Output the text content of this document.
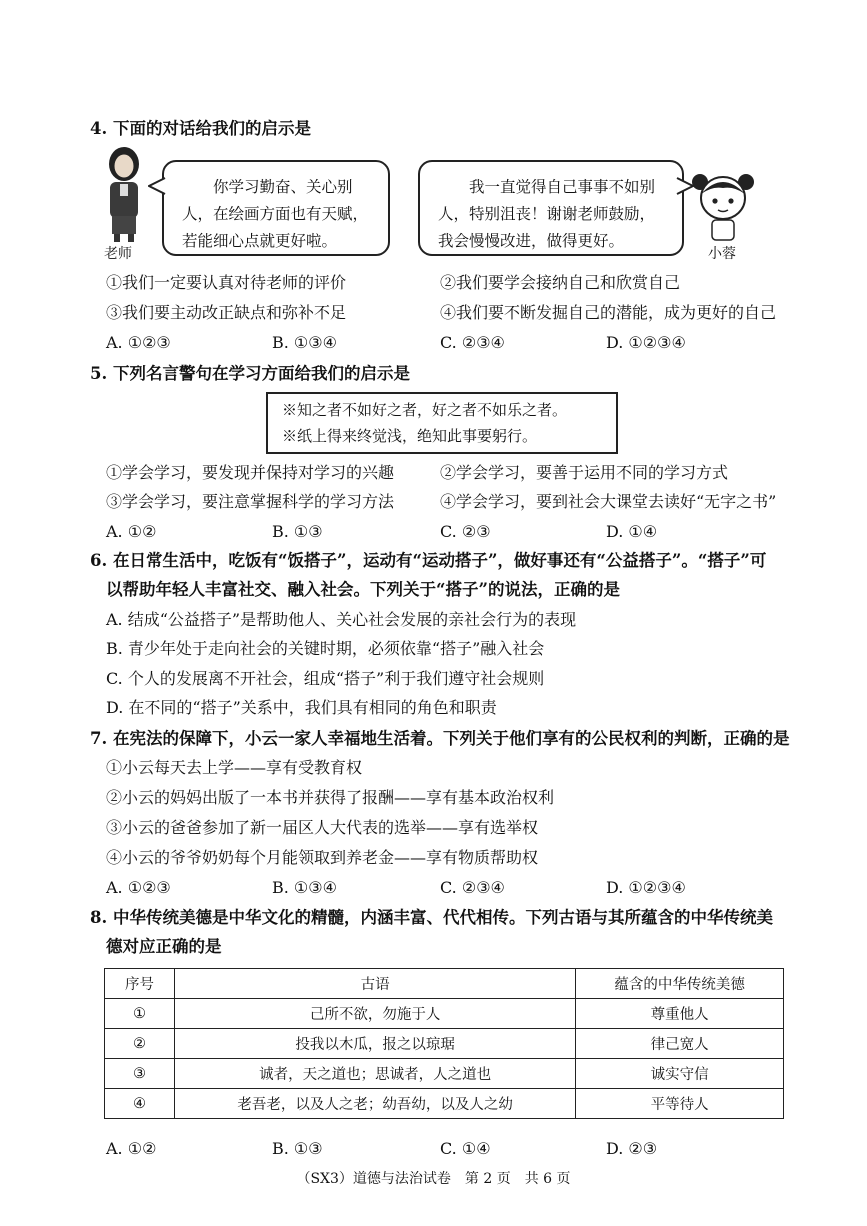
4. 下面的对话给我们的启示是
老师
你学习勤奋、关心别人，在绘画方面也有天赋，若能细心点就更好啦。
我一直觉得自己事事不如别人，特别沮丧！谢谢老师鼓励，我会慢慢改进，做得更好。
小蓉
①我们一定要认真对待老师的评价	②我们要学会接纳自己和欣赏自己
③我们要主动改正缺点和弥补不足	④我们要不断发掘自己的潜能，成为更好的自己
A. ①②③	B. ①③④	C. ②③④	D. ①②③④
5. 下列名言警句在学习方面给我们的启示是
※知之者不如好之者，好之者不如乐之者。
※纸上得来终觉浅，绝知此事要躬行。
①学会学习，要发现并保持对学习的兴趣	②学会学习，要善于运用不同的学习方式
③学会学习，要注意掌握科学的学习方法	④学会学习，要到社会大课堂去读好“无字之书”
A. ①②	B. ①③	C. ②③	D. ①④
6. 在日常生活中，吃饭有“饭搭子”，运动有“运动搭子”，做好事还有“公益搭子”。“搭子”可
以帮助年轻人丰富社交、融入社会。下列关于“搭子”的说法，正确的是
A. 结成“公益搭子”是帮助他人、关心社会发展的亲社会行为的表现
B. 青少年处于走向社会的关键时期，必须依靠“搭子”融入社会
C. 个人的发展离不开社会，组成“搭子”利于我们遵守社会规则
D. 在不同的“搭子”关系中，我们具有相同的角色和职责
7. 在宪法的保障下，小云一家人幸福地生活着。下列关于他们享有的公民权利的判断，正确的是
①小云每天去上学——享有受教育权
②小云的妈妈出版了一本书并获得了报酬——享有基本政治权利
③小云的爸爸参加了新一届区人大代表的选举——享有选举权
④小云的爷爷奶奶每个月能领取到养老金——享有物质帮助权
A. ①②③	B. ①③④	C. ②③④	D. ①②③④
8. 中华传统美德是中华文化的精髓，内涵丰富、代代相传。下列古语与其所蕴含的中华传统美
德对应正确的是
序号	古语	蕴含的中华传统美德
①	己所不欲，勿施于人	尊重他人
②	投我以木瓜，报之以琼琚	律己宽人
③	诚者，天之道也；思诚者，人之道也	诚实守信
④	老吾老，以及人之老；幼吾幼，以及人之幼	平等待人
A. ①②	B. ①③	C. ①④	D. ②③
（SX3）道德与法治试卷　第 2 页　共 6 页
